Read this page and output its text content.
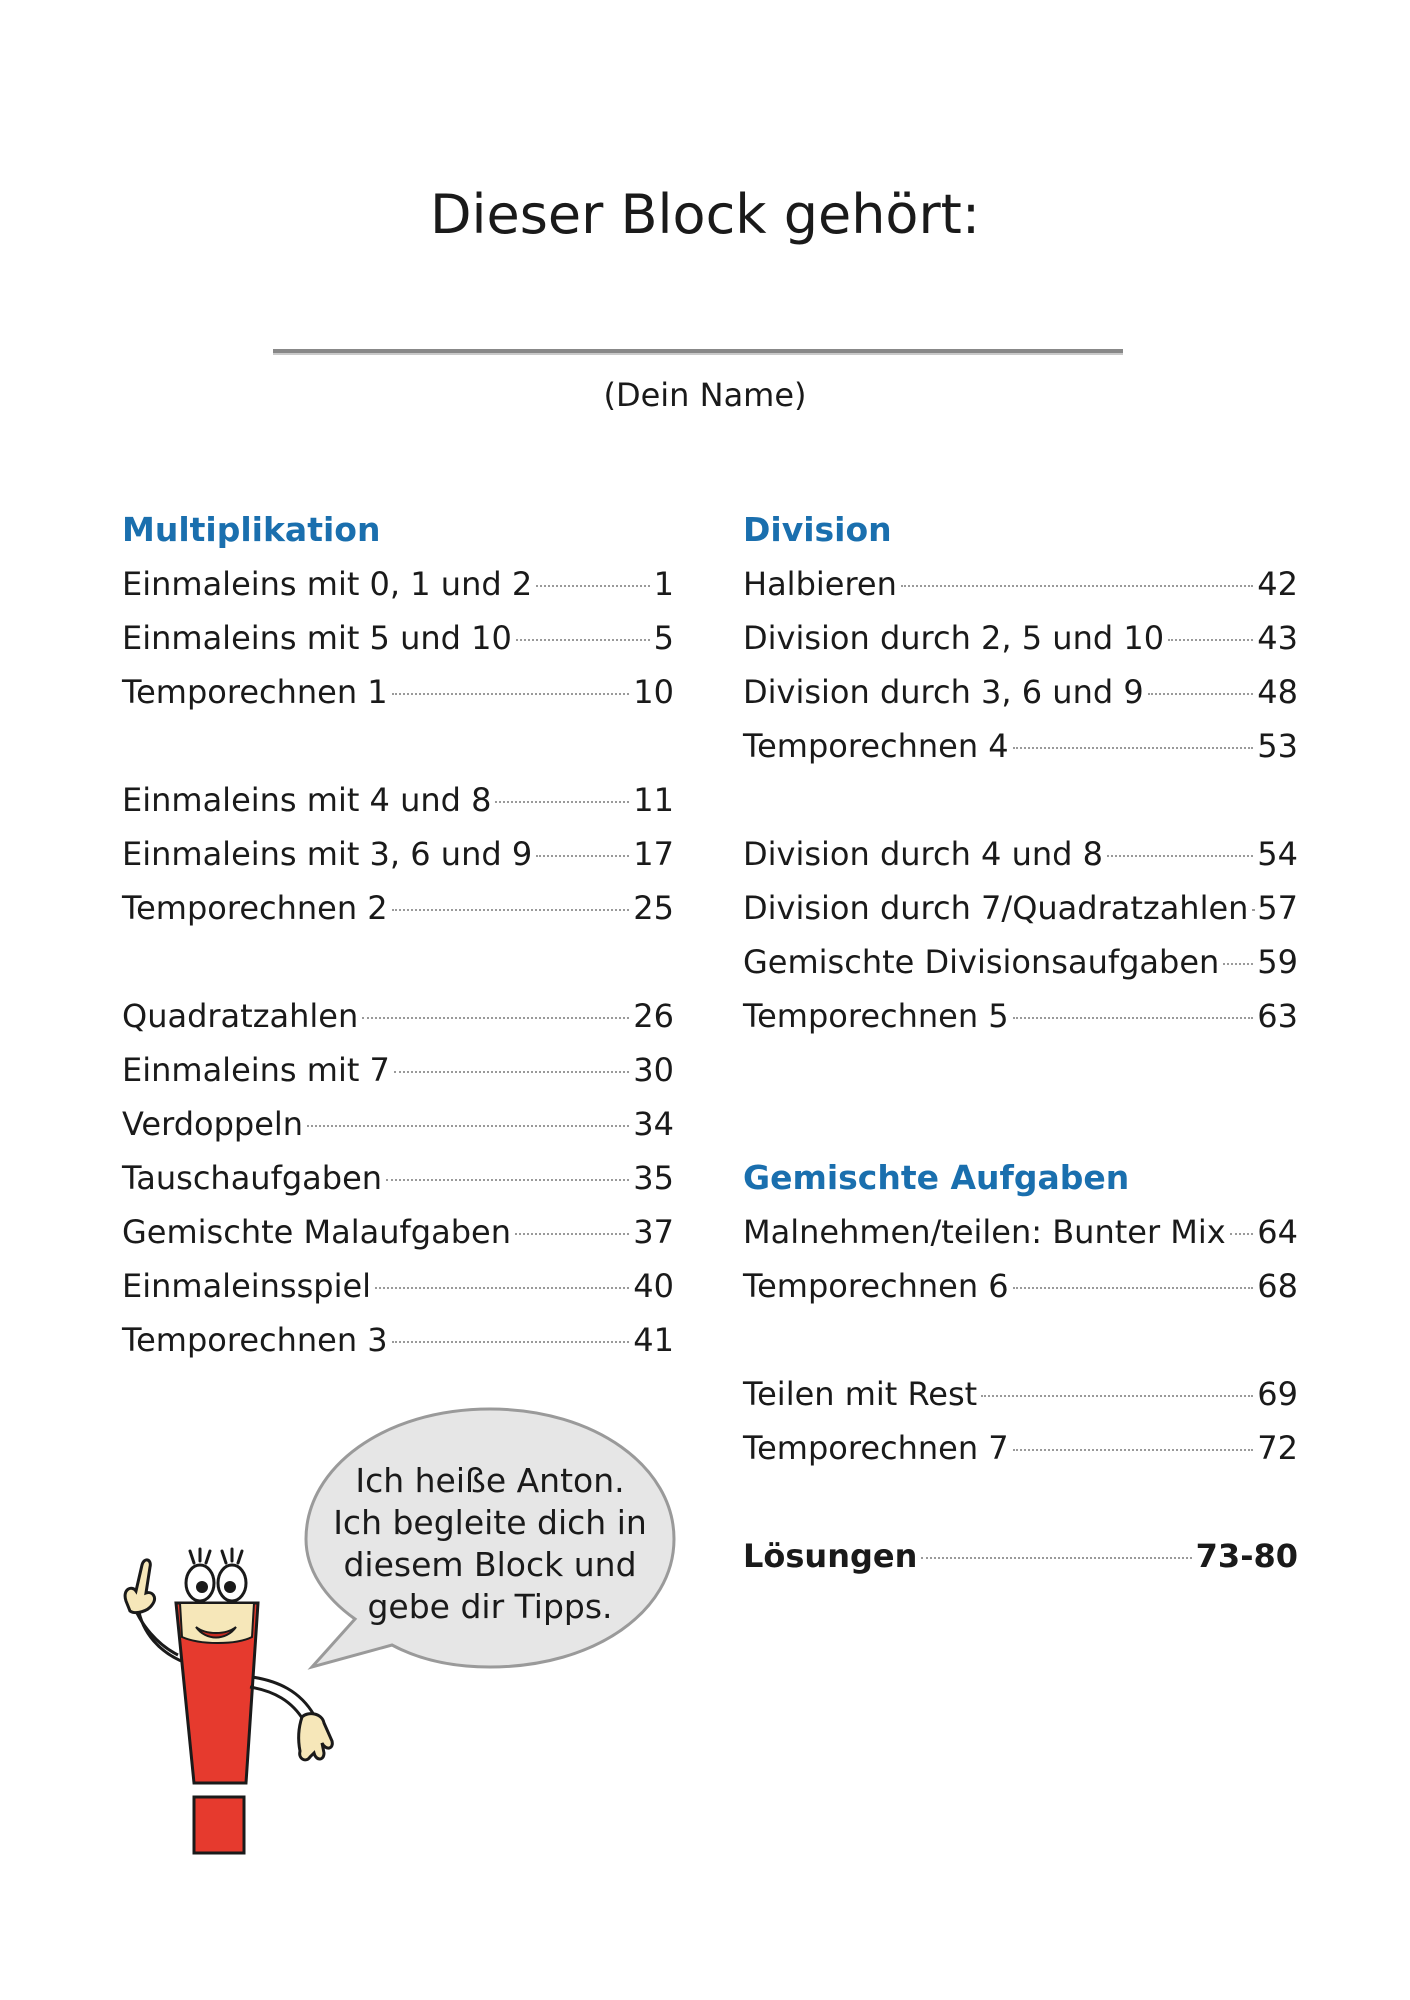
Dieser Block gehört:
(Dein Name)
Multiplikation
Einmaleins mit 0, 1 und 2	1
Einmaleins mit 5 und 10	5
Temporechnen 1	10
Einmaleins mit 4 und 8	11
Einmaleins mit 3, 6 und 9	17
Temporechnen 2	25
Quadratzahlen	26
Einmaleins mit 7	30
Verdoppeln	34
Tauschaufgaben	35
Gemischte Malaufgaben	37
Einmaleinsspiel	40
Temporechnen 3	41
Division
Halbieren	42
Division durch 2, 5 und 10	43
Division durch 3, 6 und 9	48
Temporechnen 4	53
Division durch 4 und 8	54
Division durch 7/Quadratzahlen 57
Gemischte Divisionsaufgaben 59
Temporechnen 5	63
Gemischte Aufgaben
Malnehmen/teilen: Bunter Mix 64
Temporechnen 6	68
Teilen mit Rest	69
Temporechnen 7	72
Lösungen	73-80
Ich heiße Anton.
Ich begleite dich in
diesem Block und
gebe dir Tipps.
